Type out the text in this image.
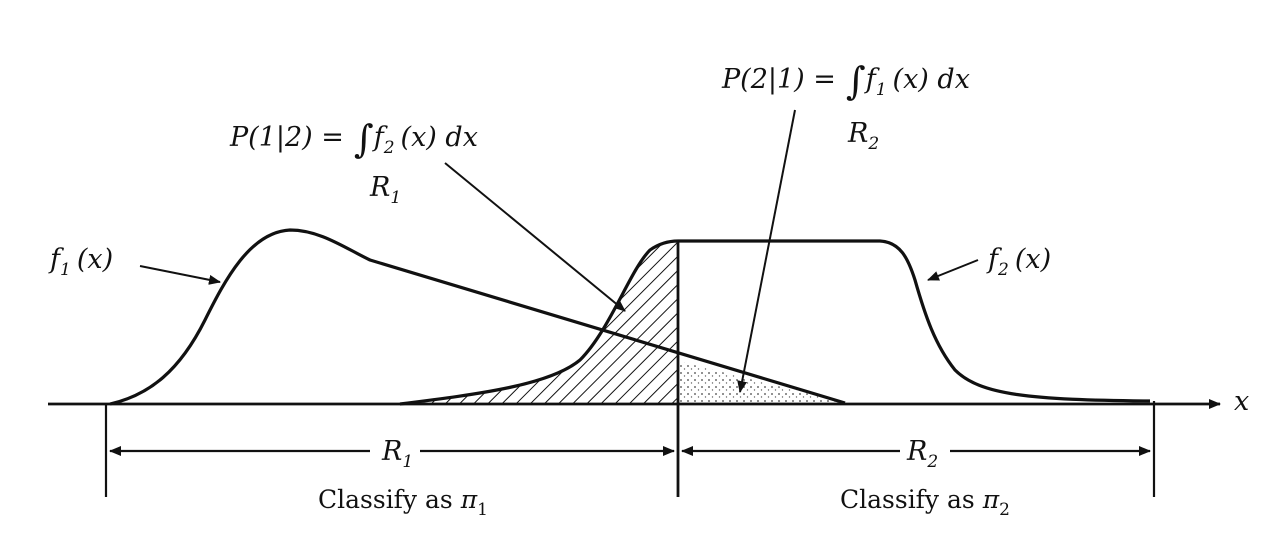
x
$R_1$	$R_2$
Classify as $\pi_1$	Classify as $\pi_2$
$f_1$ (x)	$f_2$ (x)
$P(1|2) = \int f_2$ (x) dx
$R_1$
$P(2|1) = \int f_1$ (x) dx
$R_2$
